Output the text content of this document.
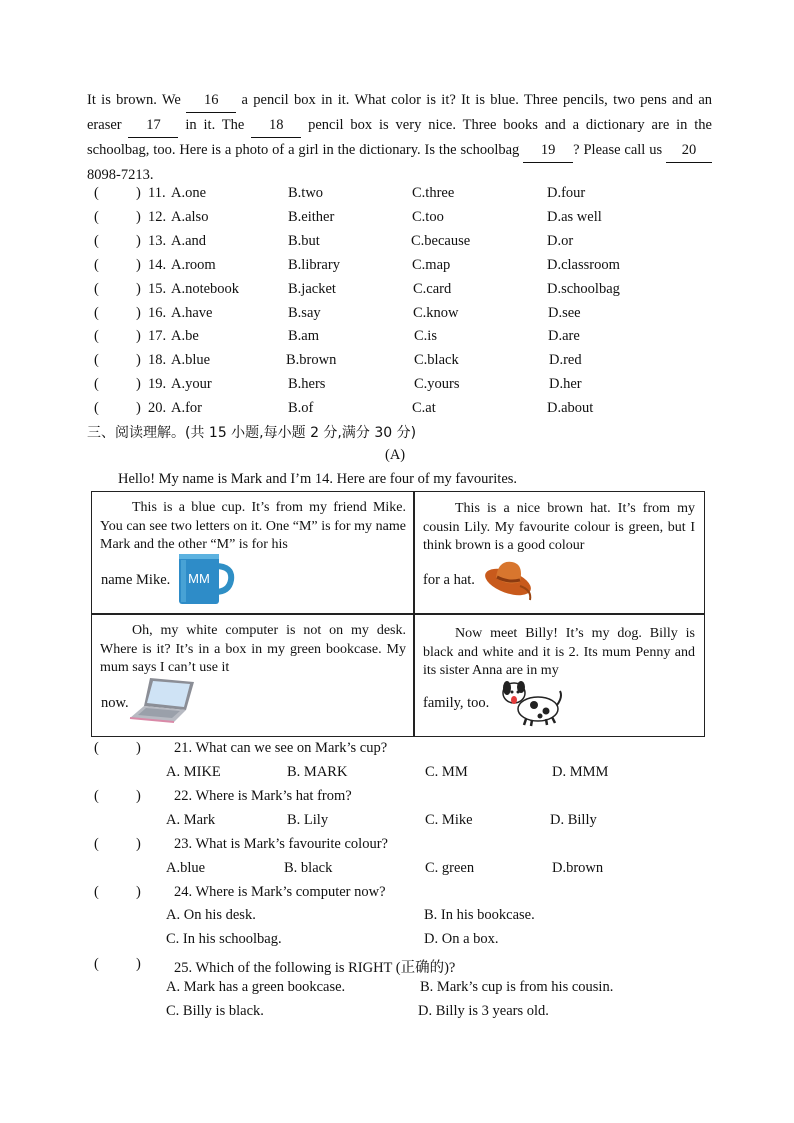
It is brown. We 16 a pencil box in it. What color is it? It is blue. Three pencils, two pens and an eraser 17 in it. The 18 pencil box is very nice. Three books and a dictionary are in the schoolbag, too. Here is a photo of a girl in the dictionary. Is the schoolbag 19 ? Please call us 20 8098-7213.
(	) 11. A.one	B.two	C.three	D.four
(	) 12. A.also	B.either	C.too	D.as well
(	) 13. A.and	B.but	C.because	D.or
(	) 14. A.room	B.library	C.map	D.classroom
(	) 15. A.notebook	B.jacket	C.card	D.schoolbag
(	) 16. A.have	B.say	C.know	D.see
(	) 17. A.be	B.am	C.is	D.are
(	) 18. A.blue	B.brown	C.black	D.red
(	) 19. A.your	B.hers	C.yours	D.her
(	) 20. A.for	B.of	C.at	D.about
三、阅读理解。(共 15 小题,每小题 2 分,满分 30 分)
(A)
Hello! My name is Mark and I’m 14. Here are four of my favourites.
This is a blue cup. It’s from my friend Mike. You can see two letters on it. One “M” is for my name Mark and the other “M” is for his
name Mike. MM
This is a nice brown hat. It’s from my cousin Lily. My favourite colour is green, but I think brown is a good colour
for a hat.
Oh, my white computer is not on my desk. Where is it? It’s in a box in my green bookcase. My mum says I can’t use it
now.
Now meet Billy! It’s my dog. Billy is black and white and it is 2. Its mum Penny and its sister Anna are in my
family, too.
(	) 21. What can we see on Mark’s cup?
A. MIKE	B. MARK	C. MM	D. MMM
(	) 22. Where is Mark’s hat from?
A. Mark	B. Lily	C. Mike	D. Billy
(	) 23. What is Mark’s favourite colour?
A.blue	B. black	C. green	D.brown
(	) 24. Where is Mark’s computer now?
A. On his desk.	B. In his bookcase.
C. In his schoolbag.	D. On a box.
(	) 25. Which of the following is RIGHT (正确的)?
A. Mark has a green bookcase.	B. Mark’s cup is from his cousin.
C. Billy is black.	D. Billy is 3 years old.
